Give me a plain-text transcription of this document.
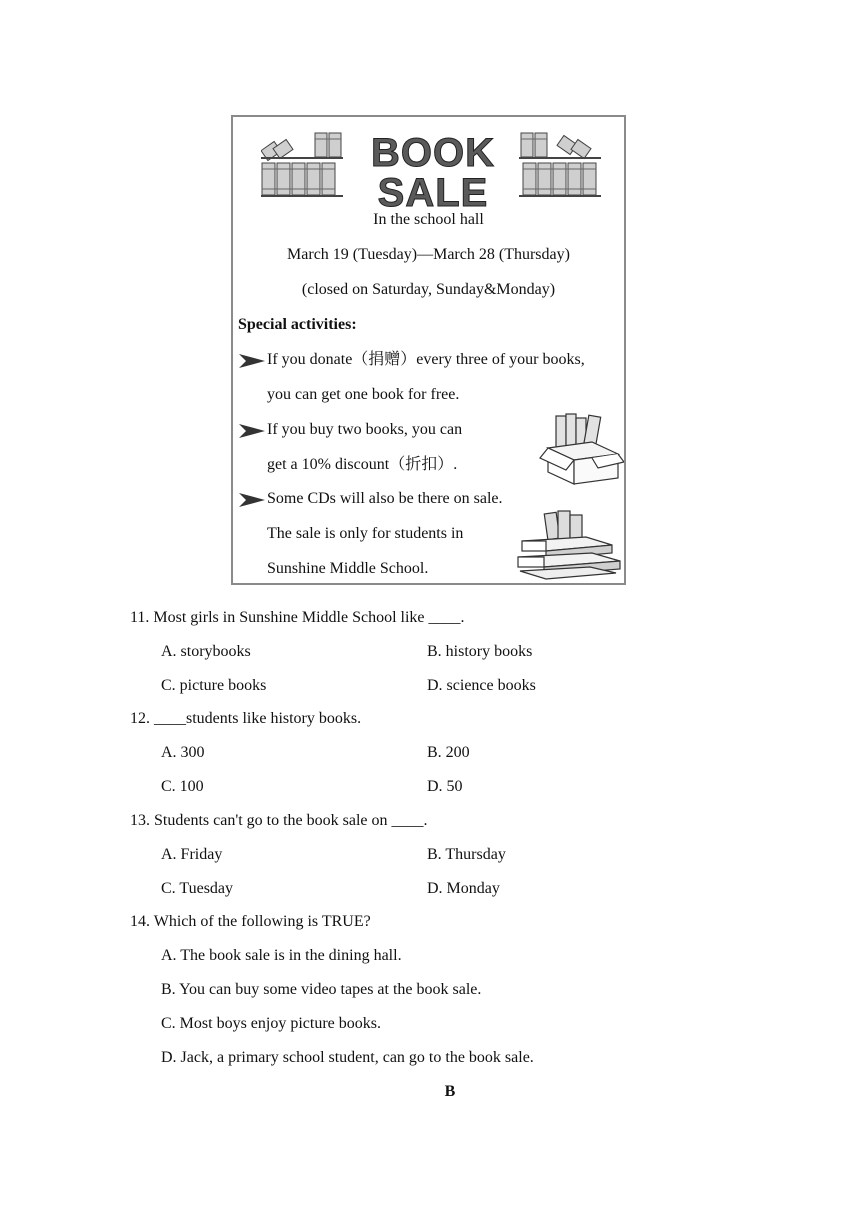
BOOK
SALE
In the school hall
March 19 (Tuesday)—March 28 (Thursday)
(closed on Saturday, Sunday&Monday)
Special activities:
If you donate（捐赠）every three of your books,
you can get one book for free.
If you buy two books, you can
get a 10% discount（折扣）.
Some CDs will also be there on sale.
The sale is only for students in
Sunshine Middle School.
11. Most girls in Sunshine Middle School like ____.
A. storybooks	B. history books
C. picture books	D. science books
12. ____students like history books.
A. 300	B. 200
C. 100	D. 50
13. Students can't go to the book sale on ____.
A. Friday	B. Thursday
C. Tuesday	D. Monday
14. Which of the following is TRUE?
A. The book sale is in the dining hall.
B. You can buy some video tapes at the book sale.
C. Most boys enjoy picture books.
D. Jack, a primary school student, can go to the book sale.
B
